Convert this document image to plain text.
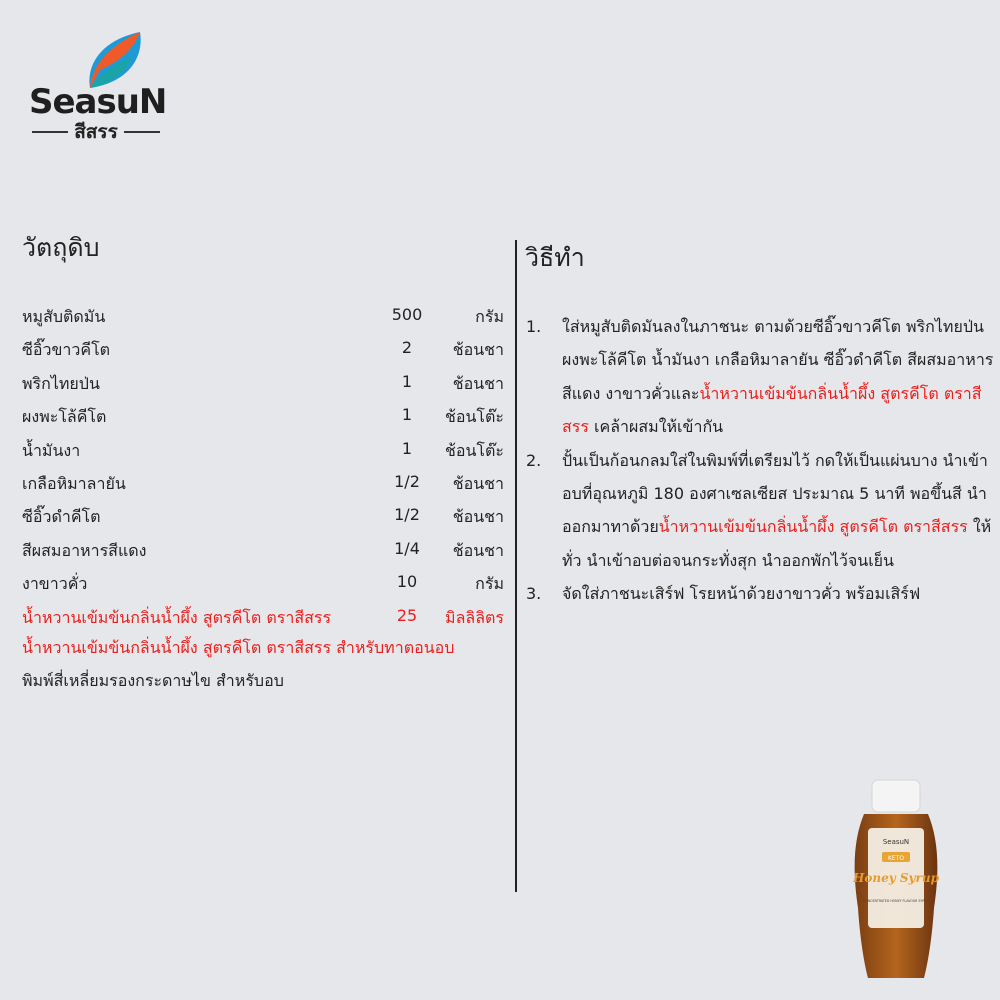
SeasuN
สีสรร
วัตถุดิบ	วิธีทำ
หมูสับติดมัน	500	กรัม
ซีอิ๊วขาวคีโต	2	ช้อนชา
พริกไทยป่น	1	ช้อนชา
ผงพะโล้คีโต	1	ช้อนโต๊ะ
น้ำมันงา	1	ช้อนโต๊ะ
เกลือหิมาลายัน	1/2	ช้อนชา
ซีอิ๊วดำคีโต	1/2	ช้อนชา
สีผสมอาหารสีแดง	1/4	ช้อนชา
งาขาวคั่ว	10	กรัม
น้ำหวานเข้มข้นกลิ่นน้ำผึ้ง สูตรคีโต ตราสีสรร	25	มิลลิลิตร
น้ำหวานเข้มข้นกลิ่นน้ำผึ้ง สูตรคีโต ตราสีสรร สำหรับทาตอนอบ
พิมพ์สี่เหลี่ยมรองกระดาษไข สำหรับอบ
1. ใส่หมูสับติดมันลงในภาชนะ ตามด้วยซีอิ๊วขาวคีโต พริกไทยป่น ผงพะโล้คีโต น้ำมันงา เกลือหิมาลายัน ซีอิ๊วดำคีโต สีผสมอาหารสีแดง งาขาวคั่วและน้ำหวานเข้มข้นกลิ่นน้ำผึ้ง สูตรคีโต ตราสีสรร เคล้าผสมให้เข้ากัน
2. ปั้นเป็นก้อนกลมใส่ในพิมพ์ที่เตรียมไว้ กดให้เป็นแผ่นบาง นำเข้าอบที่อุณหภูมิ 180 องศาเซลเซียส ประมาณ 5 นาที พอขึ้นสี นำออกมาทาด้วยน้ำหวานเข้มข้นกลิ่นน้ำผึ้ง สูตรคีโต ตราสีสรร ให้ทั่ว นำเข้าอบต่อจนกระทั่งสุก นำออกพักไว้จนเย็น
3. จัดใส่ภาชนะเสิร์ฟ โรยหน้าด้วยงาขาวคั่ว พร้อมเสิร์ฟ
SeasuN
KETO
Honey Syrup
CONCENTRATED HONEY FLAVOUR SYRUP
